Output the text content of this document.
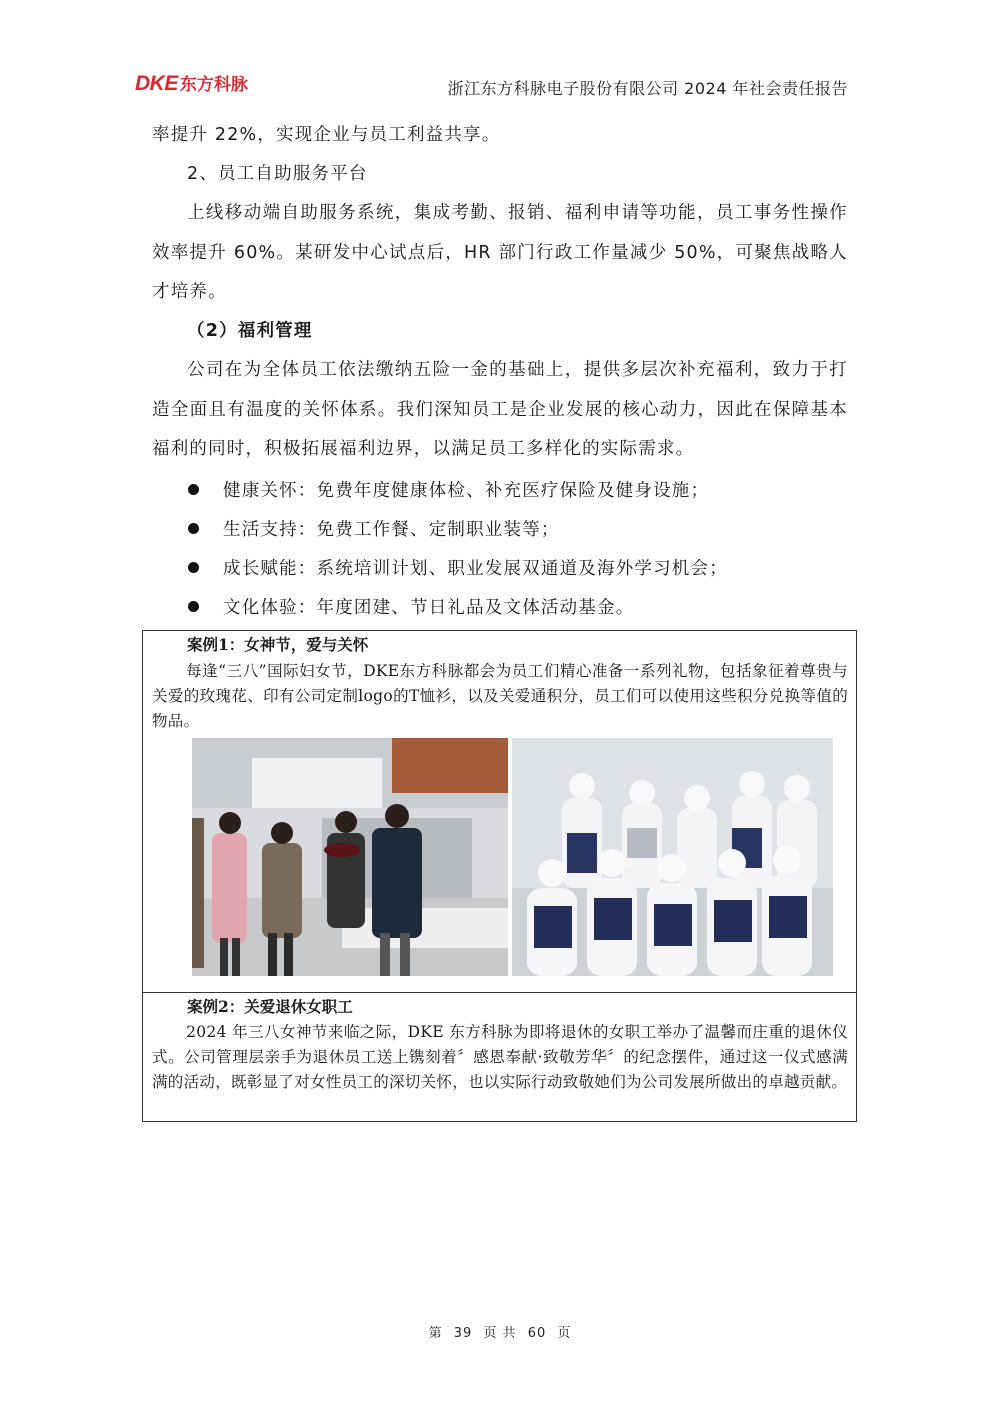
DKE 东方科脉	浙江东方科脉电子股份有限公司 2024 年社会责任报告
率提升 22%，实现企业与员工利益共享。
2、员工自助服务平台
上线移动端自助服务系统，集成考勤、报销、福利申请等功能，员工事务性操作效率提升 60%。某研发中心试点后，HR 部门行政工作量减少 50%，可聚焦战略人才培养。
（2）福利管理
公司在为全体员工依法缴纳五险一金的基础上，提供多层次补充福利，致力于打造全面且有温度的关怀体系。我们深知员工是企业发展的核心动力，因此在保障基本福利的同时，积极拓展福利边界，以满足员工多样化的实际需求。
健康关怀：免费年度健康体检、补充医疗保险及健身设施；
生活支持：免费工作餐、定制职业装等；
成长赋能：系统培训计划、职业发展双通道及海外学习机会；
文化体验：年度团建、节日礼品及文体活动基金。
案例1：女神节，爱与关怀
每逢“三八”国际妇女节，DKE东方科脉都会为员工们精心准备一系列礼物，包括象征着尊贵与关爱的玫瑰花、印有公司定制logo的T恤衫，以及关爱通积分，员工们可以使用这些积分兑换等值的物品。
案例2：关爱退休女职工
2024 年三八女神节来临之际，DKE 东方科脉为即将退休的女职工举办了温馨而庄重的退休仪式。公司管理层亲手为退休员工送上镌刻着〞感恩奉献·致敬芳华〞的纪念摆件，通过这一仪式感满满的活动，既彰显了对女性员工的深切关怀，也以实际行动致敬她们为公司发展所做出的卓越贡献。
第 39 页 共 60 页
